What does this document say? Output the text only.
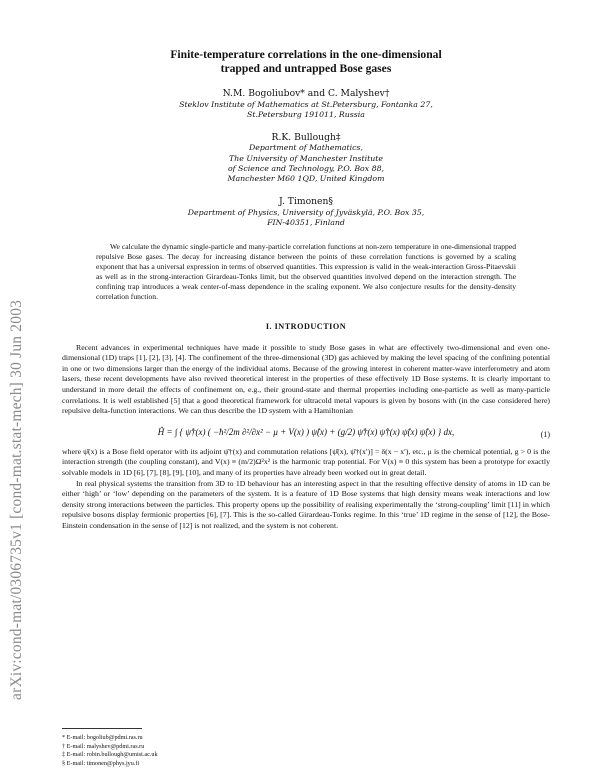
arXiv:cond-mat/0306735v1 [cond-mat.stat-mech] 30 Jun 2003
Finite-temperature correlations in the one-dimensional
trapped and untrapped Bose gases
N.M. Bogoliubov* and C. Malyshev†
Steklov Institute of Mathematics at St.Petersburg, Fontanka 27,
St.Petersburg 191011, Russia
R.K. Bullough‡
Department of Mathematics,
The University of Manchester Institute
of Science and Technology, P.O. Box 88,
Manchester M60 1QD, United Kingdom
J. Timonen§
Department of Physics, University of Jyväskylä, P.O. Box 35,
FIN-40351, Finland

We calculate the dynamic single-particle and many-particle correlation functions at non-zero temperature in one-dimensional trapped repulsive Bose gases. The decay for increasing distance between the points of these correlation functions is governed by a scaling exponent that has a universal expression in terms of observed quantities. This expression is valid in the weak-interaction Gross-Pitaevskii as well as in the strong-interaction Girardeau-Tonks limit, but the observed quantities involved depend on the interaction strength. The confining trap introduces a weak center-of-mass dependence in the scaling exponent. We also conjecture results for the density-density correlation function.

I. INTRODUCTION

Recent advances in experimental techniques have made it possible to study Bose gases in what are effectively two-dimensional and even one-dimensional (1D) traps [1], [2], [3], [4]. The confinement of the three-dimensional (3D) gas achieved by making the level spacing of the confining potential in one or two dimensions larger than the energy of the individual atoms. Because of the growing interest in coherent matter-wave interferometry and atom lasers, these recent developments have also revived theoretical interest in the properties of these effectively 1D Bose systems. It is clearly important to understand in more detail the effects of confinement on, e.g., their ground-state and thermal properties including one-particle as well as many-particle correlations. It is well established [5] that a good theoretical framework for ultracold metal vapours is given by bosons with (in the case considered here) repulsive delta-function interactions. We can thus describe the 1D system with a Hamiltonian

Ĥ = ∫ { ψ̂†(x) ( −ħ²/2m ∂²/∂x² − μ + V(x) ) ψ̂(x) + (g/2) ψ̂†(x) ψ̂†(x) ψ̂(x) ψ̂(x) } dx,	(1)

where ψ̂(x) is a Bose field operator with its adjoint ψ̂†(x) and commutation relations [ψ̂(x), ψ̂†(x′)] = δ(x − x′), etc., μ is the chemical potential, g > 0 is the interaction strength (the coupling constant), and V(x) ≡ (m/2)Ω²x² is the harmonic trap potential. For V(x) ≡ 0 this system has been a prototype for exactly solvable models in 1D [6], [7], [8], [9], [10], and many of its properties have already been worked out in great detail.

In real physical systems the transition from 3D to 1D behaviour has an interesting aspect in that the resulting effective density of atoms in 1D can be either ‘high’ or ‘low’ depending on the parameters of the system. It is a feature of 1D Bose systems that high density means weak interactions and low density strong interactions between the particles. This property opens up the possibility of realising experimentally the ‘strong-coupling’ limit [11] in which repulsive bosons display fermionic properties [6], [7]. This is the so-called Girardeau-Tonks regime. In this ‘true’ 1D regime in the sense of [12], the Bose-Einstein condensation in the sense of [12] is not realized, and the system is not coherent.

* E-mail: bogoliub@pdmi.ras.ru
† E-mail: malyshev@pdmi.ras.ru
‡ E-mail: robin.bullough@umist.ac.uk
§ E-mail: timonen@phys.jyu.fi
